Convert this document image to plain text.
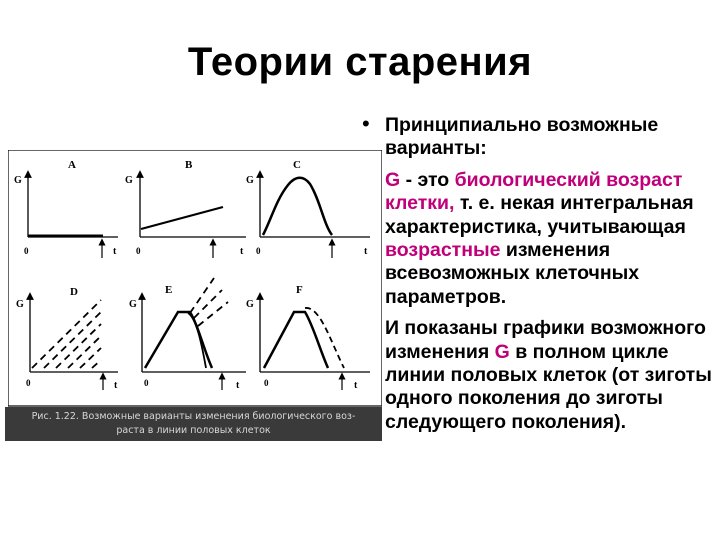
Теории старения
• Принципиально возможные варианты:

G - это биологический возраст клетки, т. е. некая интегральная характеристика, учитывающая возрастные изменения всевозможных клеточных параметров.

И показаны графики возможного изменения G в полном цикле линии половых клеток (от зиготы одного поколения до зиготы следующего поколения).

A
G
0	t
B
G
0	t
C
G
0	t
D
G
0	t
E
G
0	t
F
G
0	t
Рис. 1.22. Возможные варианты изменения биологического воз-
раста в линии половых клеток
